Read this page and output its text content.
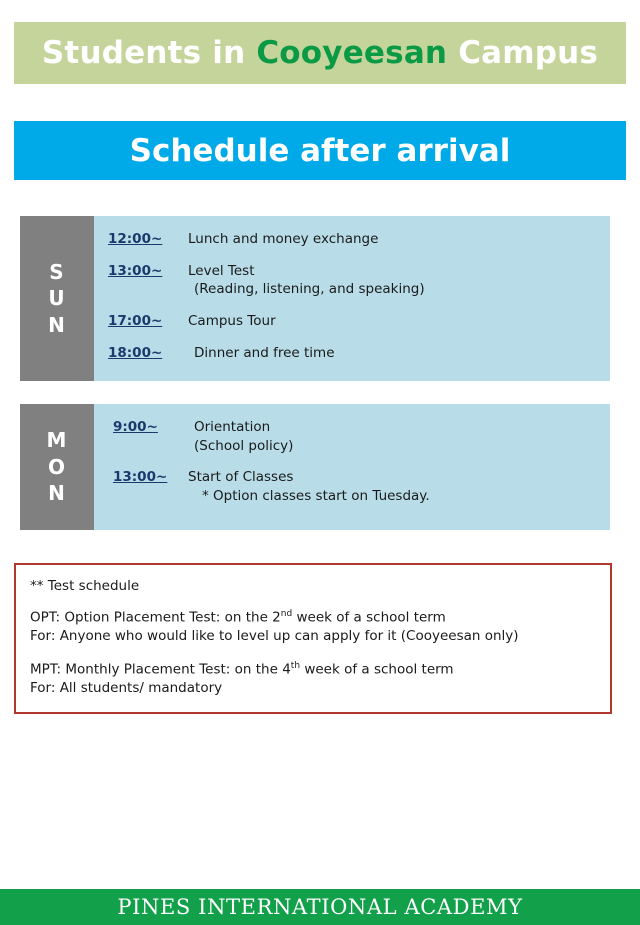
Students in Cooyeesan Campus
Schedule after arrival
S
U
N
12:00~	Lunch and money exchange
13:00~	Level Test
(Reading, listening, and speaking)
17:00~	Campus Tour
18:00~	Dinner and free time
M
O
N
9:00~	Orientation
(School policy)
13:00~	Start of Classes
* Option classes start on Tuesday.
** Test schedule
OPT: Option Placement Test: on the 2nd week of a school term
For: Anyone who would like to level up can apply for it (Cooyeesan only)
MPT: Monthly Placement Test: on the 4th week of a school term
For: All students/ mandatory
PINES INTERNATIONAL ACADEMY
